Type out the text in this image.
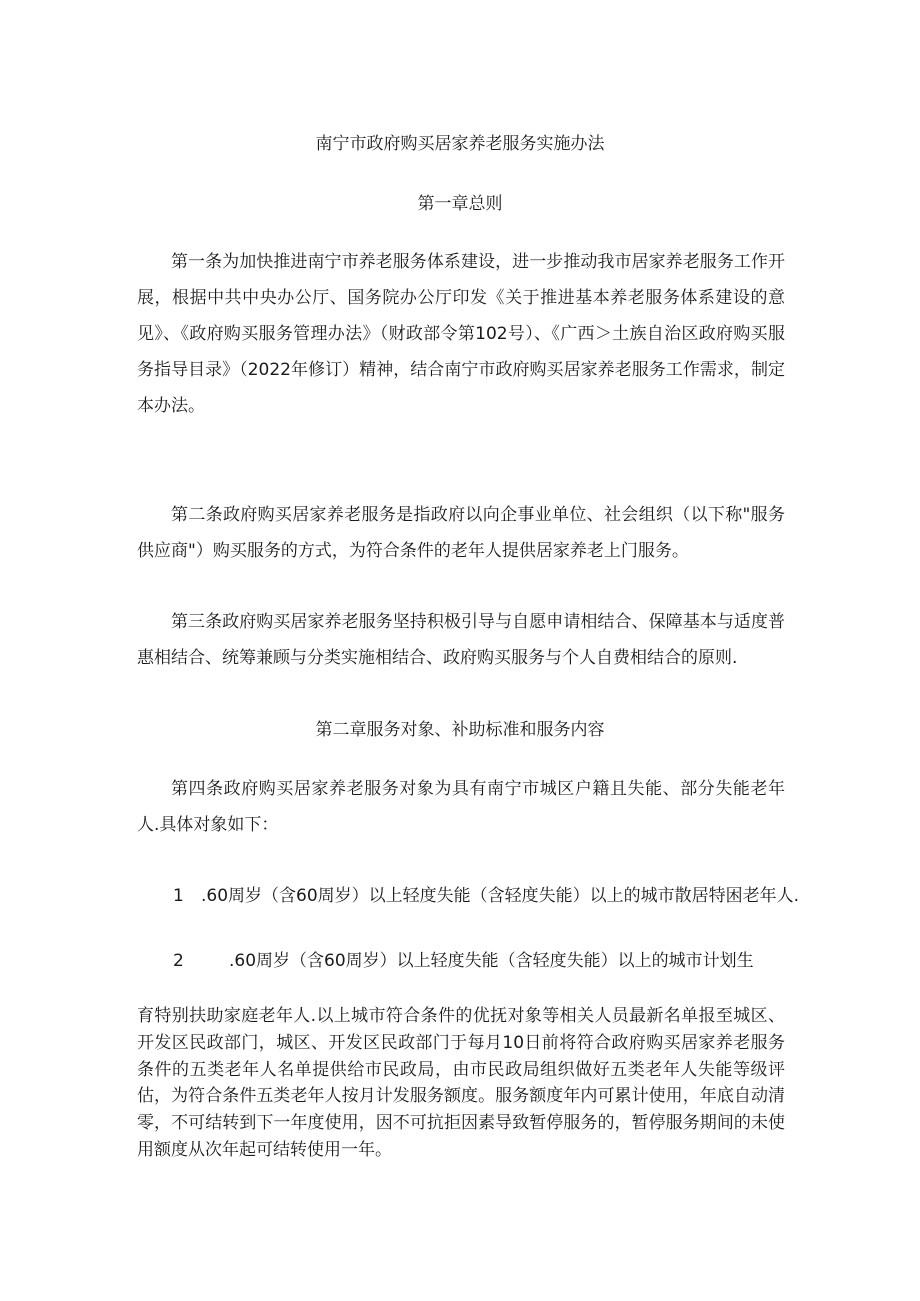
南宁市政府购买居家养老服务实施办法
第一章总则
第一条为加快推进南宁市养老服务体系建设，进一步推动我市居家养老服务工作开展，根据中共中央办公厅、国务院办公厅印发《关于推进基本养老服务体系建设的意见》、《政府购买服务管理办法》（财政部令第102号）、《广西＞土族自治区政府购买服务指导目录》（2022年修订）精神，结合南宁市政府购买居家养老服务工作需求，制定本办法。
第二条政府购买居家养老服务是指政府以向企事业单位、社会组织（以下称"服务供应商"）购买服务的方式，为符合条件的老年人提供居家养老上门服务。
第三条政府购买居家养老服务坚持积极引导与自愿申请相结合、保障基本与适度普惠相结合、统筹兼顾与分类实施相结合、政府购买服务与个人自费相结合的原则.
第二章服务对象、补助标准和服务内容
第四条政府购买居家养老服务对象为具有南宁市城区户籍且失能、部分失能老年人.具体对象如下：
1 .60周岁（含60周岁）以上轻度失能（含轻度失能）以上的城市散居特困老年人.
2	.60周岁（含60周岁）以上轻度失能（含轻度失能）以上的城市计划生
育特别扶助家庭老年人.以上城市符合条件的优抚对象等相关人员最新名单报至城区、开发区民政部门，城区、开发区民政部门于每月10日前将符合政府购买居家养老服务条件的五类老年人名单提供给市民政局，由市民政局组织做好五类老年人失能等级评估，为符合条件五类老年人按月计发服务额度。服务额度年内可累计使用，年底自动清零，不可结转到下一年度使用，因不可抗拒因素导致暂停服务的，暂停服务期间的未使用额度从次年起可结转使用一年。
